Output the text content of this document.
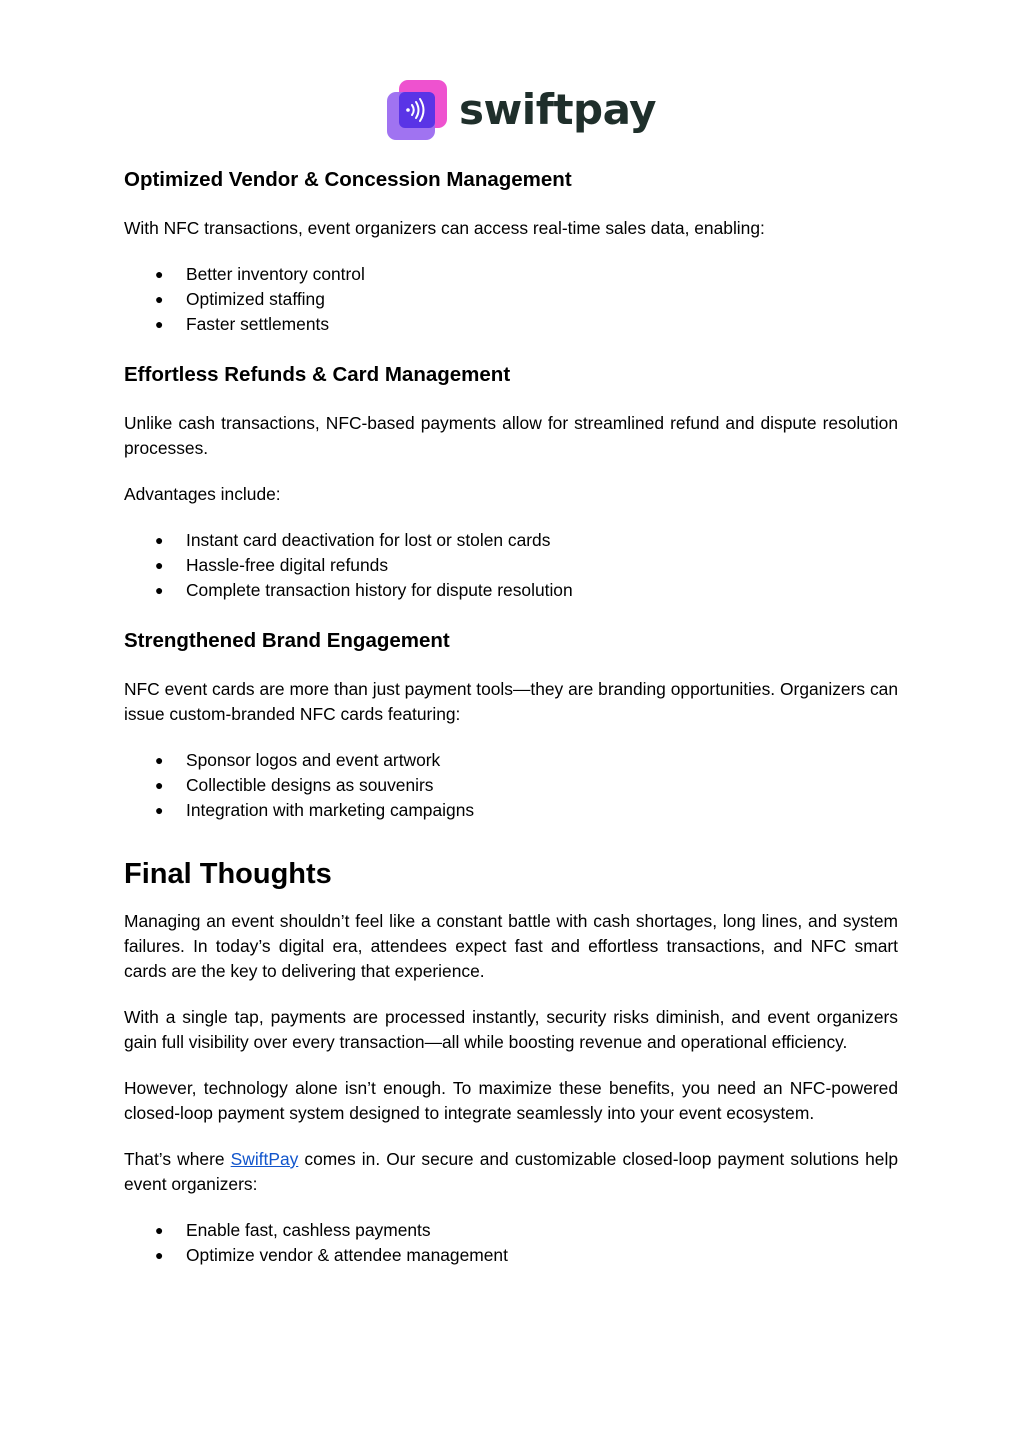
swiftpay
Optimized Vendor & Concession Management

With NFC transactions, event organizers can access real-time sales data, enabling:

● Better inventory control
● Optimized staffing
● Faster settlements
Effortless Refunds & Card Management

Unlike cash transactions, NFC-based payments allow for streamlined refund and dispute resolution processes.

Advantages include:

● Instant card deactivation for lost or stolen cards
● Hassle-free digital refunds
● Complete transaction history for dispute resolution
Strengthened Brand Engagement

NFC event cards are more than just payment tools—they are branding opportunities. Organizers can issue custom-branded NFC cards featuring:

● Sponsor logos and event artwork
● Collectible designs as souvenirs
● Integration with marketing campaigns
Final Thoughts

Managing an event shouldn’t feel like a constant battle with cash shortages, long lines, and system failures. In today’s digital era, attendees expect fast and effortless transactions, and NFC smart cards are the key to delivering that experience.

With a single tap, payments are processed instantly, security risks diminish, and event organizers gain full visibility over every transaction—all while boosting revenue and operational efficiency.

However, technology alone isn’t enough. To maximize these benefits, you need an NFC-powered closed-loop payment system designed to integrate seamlessly into your event ecosystem.

That’s where SwiftPay comes in. Our secure and customizable closed-loop payment solutions help event organizers:

● Enable fast, cashless payments
● Optimize vendor & attendee management
